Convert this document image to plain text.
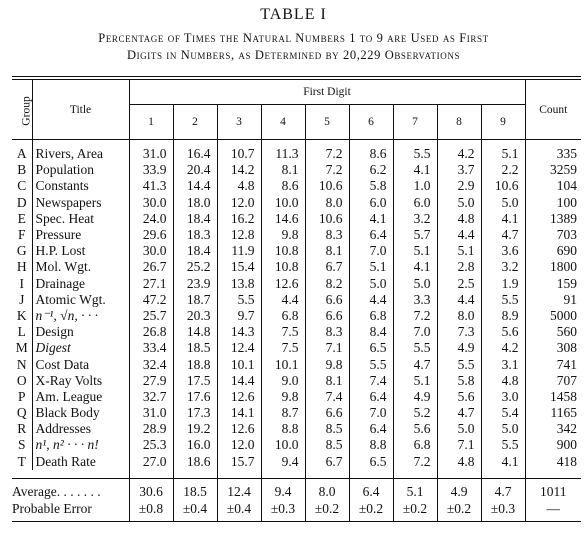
TABLE I
Percentage of Times the Natural Numbers 1 to 9 are Used as First
Digits in Numbers, as Determined by 20,229 Observations

Group	Title	First Digit									Count
		1	2	3	4	5	6	7	8	9	

A	Rivers, Area	31.0	16.4	10.7	11.3	7.2	8.6	5.5	4.2	5.1	335
B	Population	33.9	20.4	14.2	8.1	7.2	6.2	4.1	3.7	2.2	3259
C	Constants	41.3	14.4	4.8	8.6	10.6	5.8	1.0	2.9	10.6	104
D	Newspapers	30.0	18.0	12.0	10.0	8.0	6.0	6.0	5.0	5.0	100
E	Spec. Heat	24.0	18.4	16.2	14.6	10.6	4.1	3.2	4.8	4.1	1389
F	Pressure	29.6	18.3	12.8	9.8	8.3	6.4	5.7	4.4	4.7	703
G	H.P. Lost	30.0	18.4	11.9	10.8	8.1	7.0	5.1	5.1	3.6	690
H	Mol. Wgt.	26.7	25.2	15.4	10.8	6.7	5.1	4.1	2.8	3.2	1800
I	Drainage	27.1	23.9	13.8	12.6	8.2	5.0	5.0	2.5	1.9	159
J	Atomic Wgt.	47.2	18.7	5.5	4.4	6.6	4.4	3.3	4.4	5.5	91
K	n⁻¹, √n, · · ·	25.7	20.3	9.7	6.8	6.6	6.8	7.2	8.0	8.9	5000
L	Design	26.8	14.8	14.3	7.5	8.3	8.4	7.0	7.3	5.6	560
M	Digest	33.4	18.5	12.4	7.5	7.1	6.5	5.5	4.9	4.2	308
N	Cost Data	32.4	18.8	10.1	10.1	9.8	5.5	4.7	5.5	3.1	741
O	X-Ray Volts	27.9	17.5	14.4	9.0	8.1	7.4	5.1	5.8	4.8	707
P	Am. League	32.7	17.6	12.6	9.8	7.4	6.4	4.9	5.6	3.0	1458
Q	Black Body	31.0	17.3	14.1	8.7	6.6	7.0	5.2	4.7	5.4	1165
R	Addresses	28.9	19.2	12.6	8.8	8.5	6.4	5.6	5.0	5.0	342
S	n¹, n² · · · n!	25.3	16.0	12.0	10.0	8.5	8.8	6.8	7.1	5.5	900
T	Death Rate	27.0	18.6	15.7	9.4	6.7	6.5	7.2	4.8	4.1	418

Average. . . . . . .		30.6	18.5	12.4	9.4	8.0	6.4	5.1	4.9	4.7	1011
Probable Error		±0.8	±0.4	±0.4	±0.3	±0.2	±0.2	±0.2	±0.2	±0.3	—
